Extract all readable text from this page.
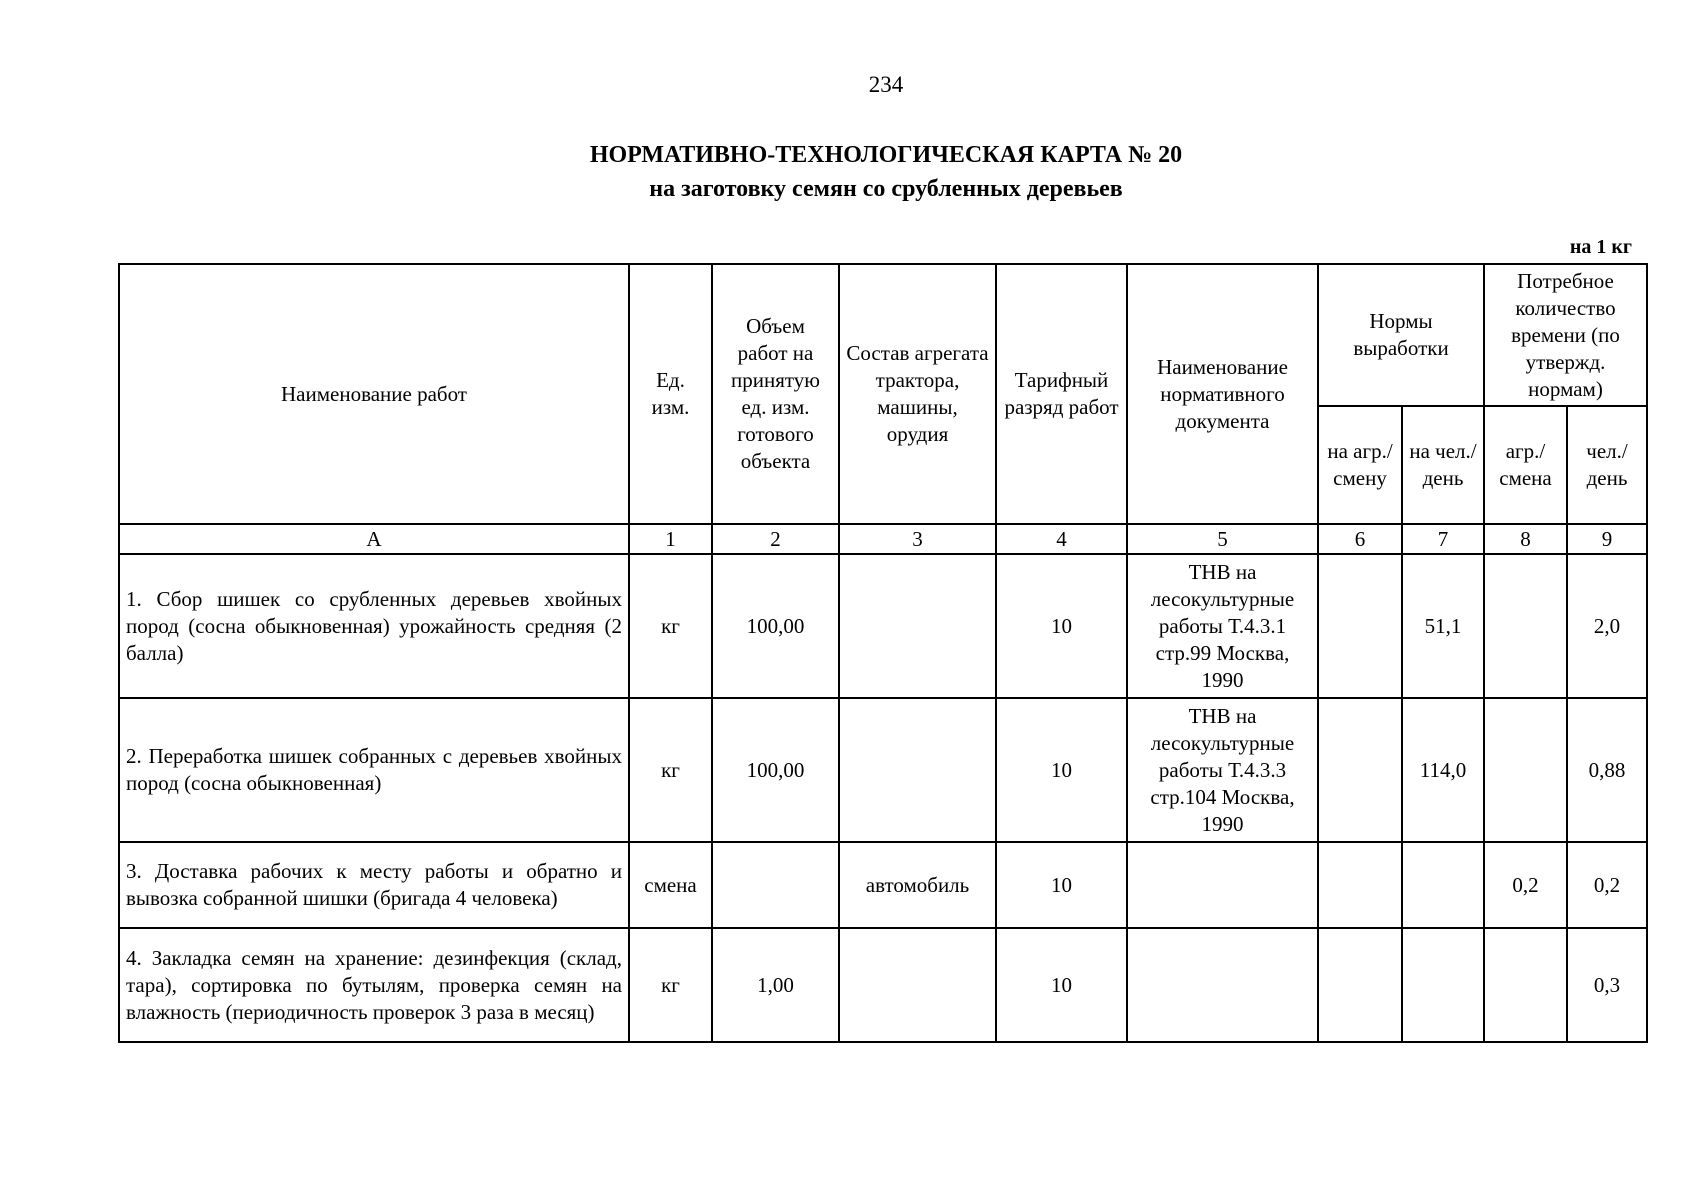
234
НОРМАТИВНО-ТЕХНОЛОГИЧЕСКАЯ КАРТА № 20
на заготовку семян со срубленных деревьев
на 1 кг
Наименование работ	Ед. изм.	Объем работ на принятую ед. изм. готового объекта	Состав агрегата трактора, машины, орудия	Тарифный разряд работ	Наименование нормативного документа	Нормы выработки		Потребное количество времени (по утвержд. нормам)	
						на агр./ смену	на чел./ день	агр./ смена	чел./ день
А	1	2	3	4	5	6	7	8	9
1. Сбор шишек со срубленных деревьев хвойных пород (сосна обыкновенная) урожайность средняя (2 балла)	кг	100,00		10	ТНВ на лесокультурные работы Т.4.3.1 стр.99 Москва, 1990		51,1		2,0
2. Переработка шишек собранных с деревьев хвойных пород (сосна обыкновенная)	кг	100,00		10	ТНВ на лесокультурные работы Т.4.3.3 стр.104 Москва, 1990		114,0		0,88
3. Доставка рабочих к месту работы и обратно и вывозка собранной шишки (бригада 4 человека)	смена		автомобиль	10				0,2	0,2
4. Закладка семян на хранение: дезинфекция (склад, тара), сортировка по бутылям, проверка семян на влажность (периодичность проверок 3 раза в месяц)	кг	1,00		10					0,3
